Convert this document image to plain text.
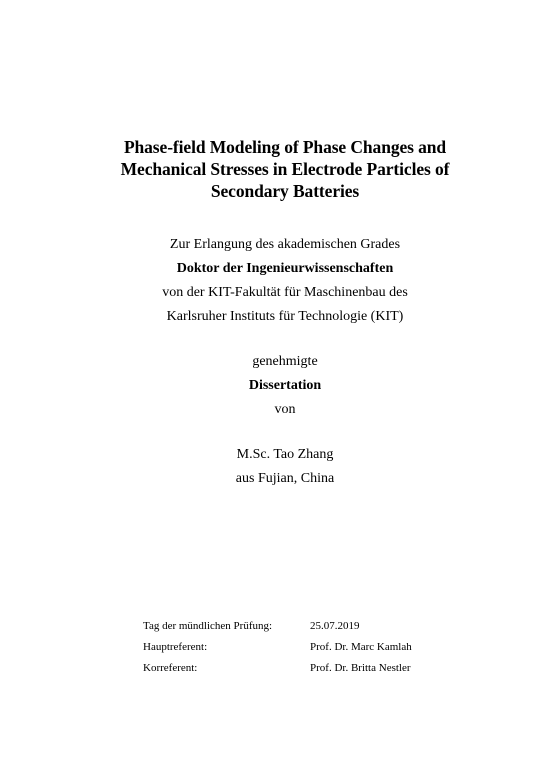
Phase-field Modeling of Phase Changes and
Mechanical Stresses in Electrode Particles of
Secondary Batteries
Zur Erlangung des akademischen Grades
Doktor der Ingenieurwissenschaften
von der KIT-Fakultät für Maschinenbau des
Karlsruher Instituts für Technologie (KIT)
genehmigte
Dissertation
von
M.Sc. Tao Zhang
aus Fujian, China
Tag der mündlichen Prüfung:	25.07.2019
Hauptreferent:	Prof. Dr. Marc Kamlah
Korreferent:	Prof. Dr. Britta Nestler
